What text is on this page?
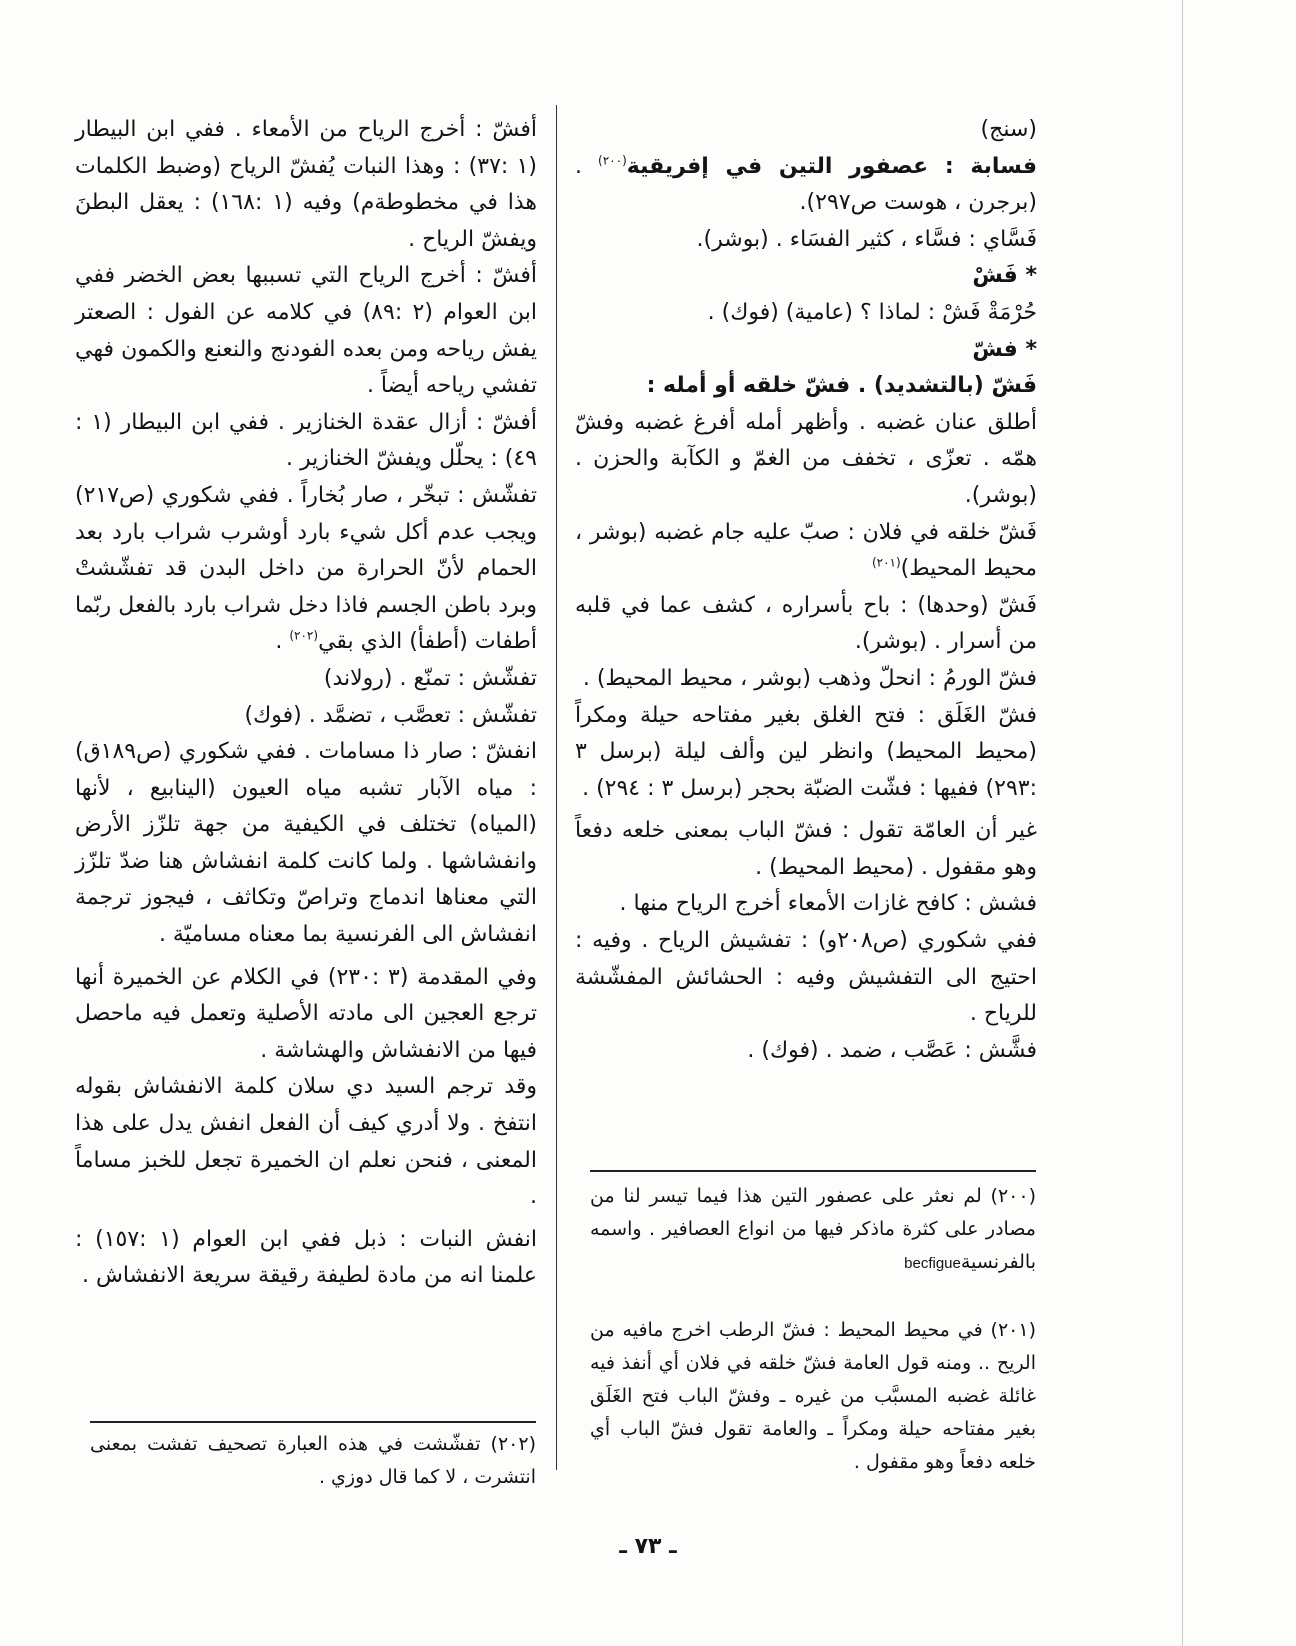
(سنج)

فسابة : عصفور التين في إفريقية$^{(٢٠٠)}$ . (برجرن ، هوست ص٢٩٧).

فَسَّاي : فسَّاء ، كثير الفسَاء . (بوشر).

* فَشْ

حُرْمَةْ فَشْ : لماذا ؟ (عامية) (فوك) .

* فشّ

فَشّ (بالتشديد) . فشّ خلقه أو أمله :

أطلق عنان غضبه . وأظهر أمله أفرغ غضبه وفشّ همّه . تعزّى ، تخفف من الغمّ و الكآبة والحزن . (بوشر).

فَشّ خلقه في فلان : صبّ عليه جام غضبه (بوشر ، محيط المحيط)$^{(٢٠١)}$

فَشّ (وحدها) : باح بأسراره ، كشف عما في قلبه من أسرار . (بوشر).

فشّ الورمُ : انحلّ وذهب (بوشر ، محيط المحيط) .

فشّ الغَلَق : فتح الغلق بغير مفتاحه حيلة ومكراً (محيط المحيط) وانظر لين وألف ليلة (برسل ٣ :٢٩٣) ففيها : فشّت الضبّة بحجر (برسل ٣ : ٢٩٤) .

غير أن العامّة تقول : فشّ الباب بمعنى خلعه دفعاً وهو مقفول . (محيط المحيط) .

فشش : كافح غازات الأمعاء أخرج الرياح منها .

ففي شكوري (ص٢٠٨و) : تفشيش الرياح . وفيه : احتيج الى التفشيش وفيه : الحشائش المفشّشة للرياح .

فشَّش : عَصَّب ، ضمد . (فوك) .

أفشّ : أخرج الرياح من الأمعاء . ففي ابن البيطار (١ :٣٧) : وهذا النبات يُفشّ الرياح (وضبط الكلمات هذا في مخطوطةم) وفيه (١ :١٦٨) : يعقل البطنَ ويفشّ الرياح .

أفشّ : أخرج الرياح التي تسببها بعض الخضر ففي ابن العوام (٢ :٨٩) في كلامه عن الفول : الصعتر يفش رياحه ومن بعده الفودنج والنعنع والكمون فهي تفشي رياحه أيضاً .

أفشّ : أزال عقدة الخنازير . ففي ابن البيطار (١ : ٤٩) : يحلّل ويفشّ الخنازير .

تفشّش : تبخّر ، صار بُخاراً . ففي شكوري (ص٢١٧) ويجب عدم أكل شيء بارد أوشرب شراب بارد بعد الحمام لأنّ الحرارة من داخل البدن قد تفشّشتْ وبرد باطن الجسم فاذا دخل شراب بارد بالفعل ربّما أطفات (أطفأ) الذي بقي$^{(٢٠٢)}$ .

تفشّش : تمنّع . (رولاند)

تفشّش : تعصَّب ، تضمَّد . (فوك)

انفشّ : صار ذا مسامات . ففي شكوري (ص١٨٩ق) : مياه الآبار تشبه مياه العيون (الينابيع ، لأنها (المياه) تختلف في الكيفية من جهة تلزّز الأرض وانفشاشها . ولما كانت كلمة انفشاش هنا ضدّ تلزّز التي معناها اندماج وتراصّ وتكاثف ، فيجوز ترجمة انفشاش الى الفرنسية بما معناه مساميّة .

وفي المقدمة (٣ :٢٣٠) في الكلام عن الخميرة أنها ترجع العجين الى مادته الأصلية وتعمل فيه ماحصل فيها من الانفشاش والهشاشة .

وقد ترجم السيد دي سلان كلمة الانفشاش بقوله انتفخ . ولا أدري كيف أن الفعل انفش يدل على هذا المعنى ، فنحن نعلم ان الخميرة تجعل للخبز مساماً .

انفش النبات : ذبل ففي ابن العوام (١ :١٥٧) : علمنا انه من مادة لطيفة رقيقة سريعة الانفشاش .

(٢٠٠) لم نعثر على عصفور التين هذا فيما تيسر لنا من مصادر على كثرة ماذكر فيها من انواع العصافير . واسمه بالفرنسيةbecfigue

(٢٠١) في محيط المحيط : فشّ الرطب اخرج مافيه من الريح .. ومنه قول العامة فشّ خلقه في فلان أي أنفذ فيه غائلة غضبه المسبَّب من غيره ـ وفشّ الباب فتح الغَلَق بغير مفتاحه حيلة ومكراً ـ والعامة تقول فشّ الباب أي خلعه دفعاً وهو مقفول .

(٢٠٢) تفشّشت في هذه العبارة تصحيف تفشت بمعنى انتشرت ، لا كما قال دوزي .

ـ ٧٣ ـ
